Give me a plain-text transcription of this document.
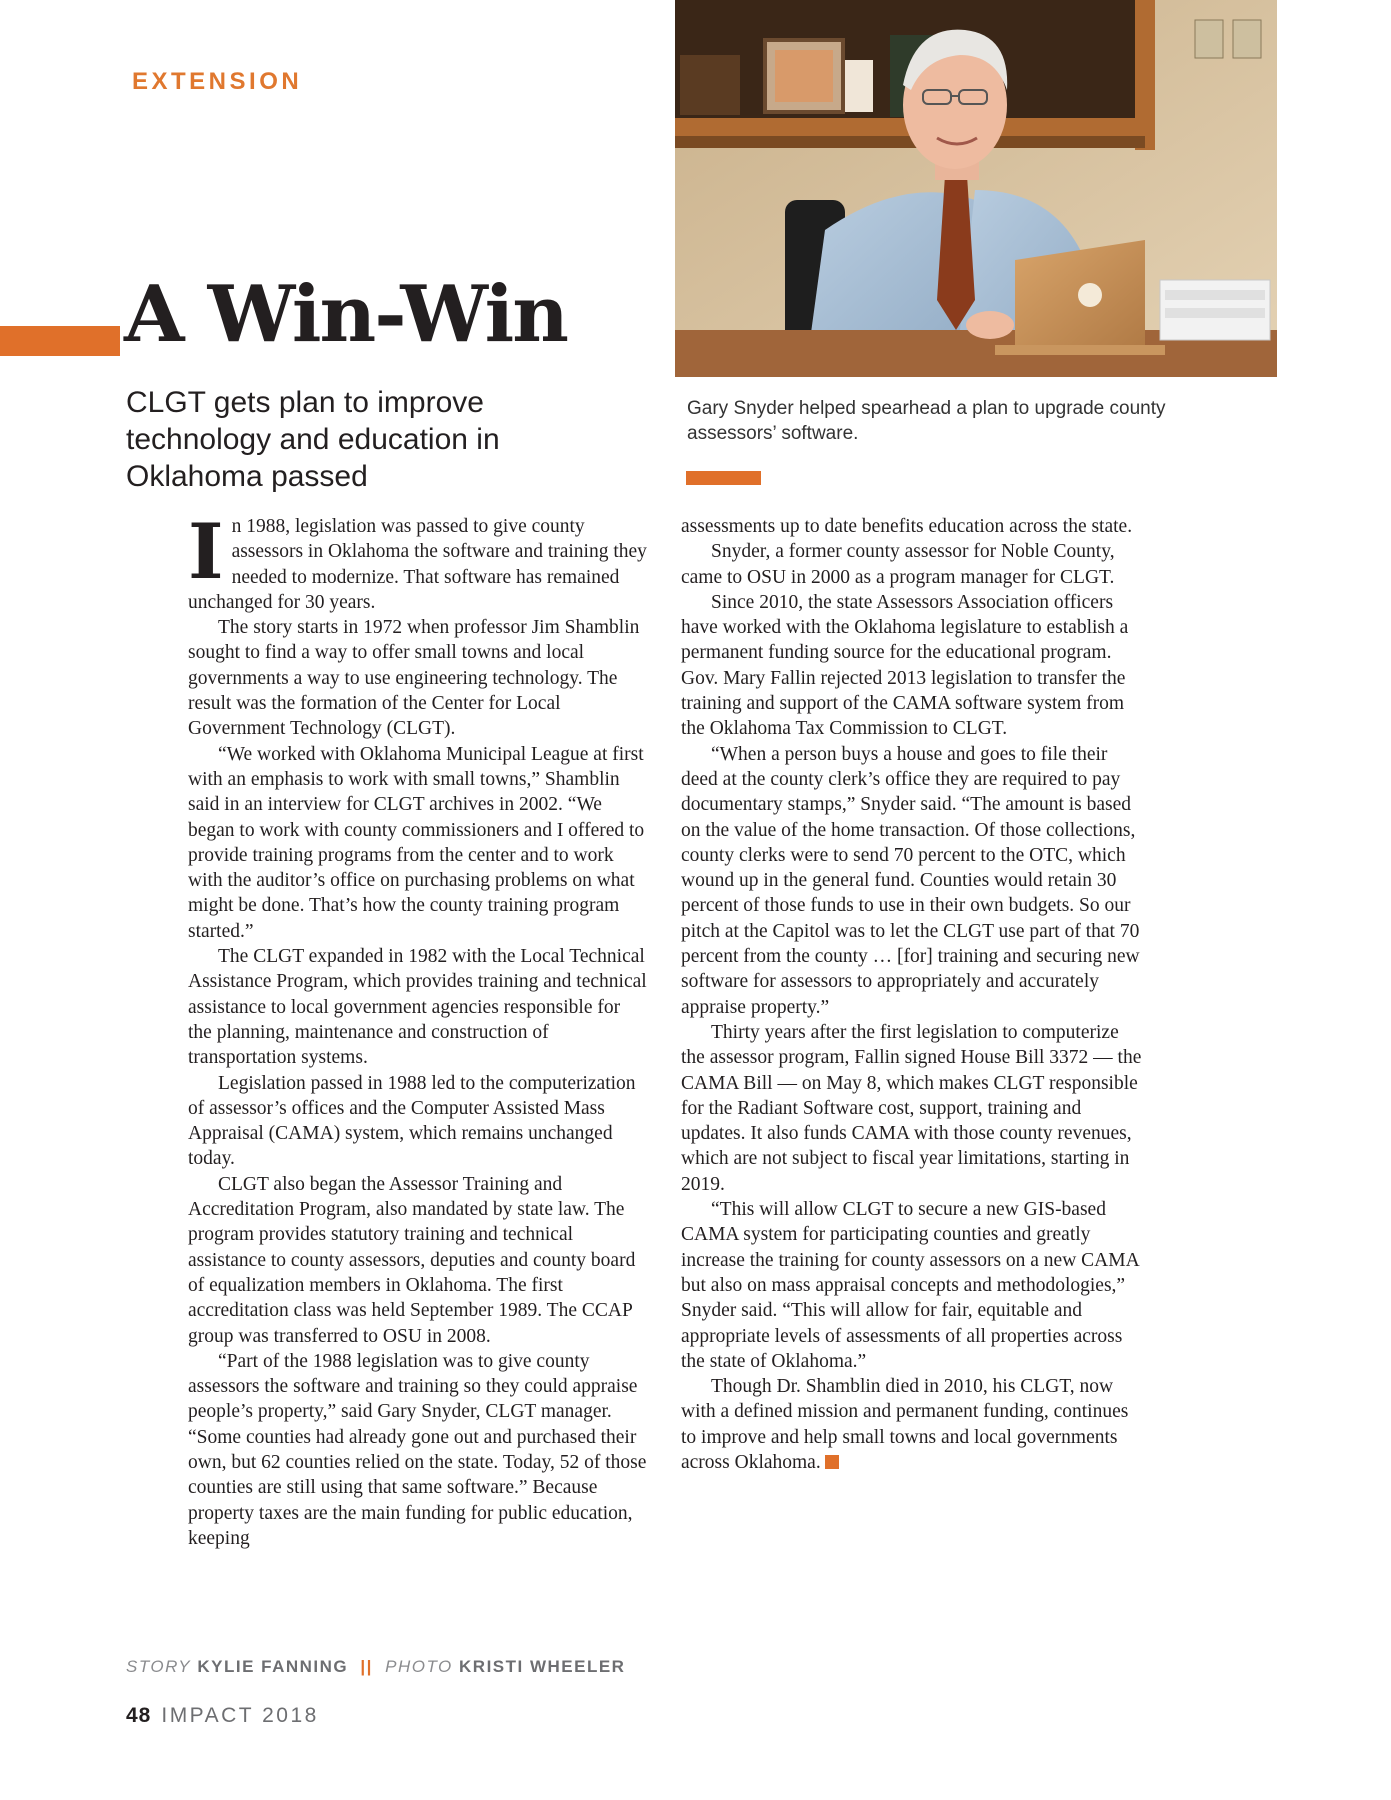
EXTENSION
A Win-Win
CLGT gets plan to improve technology and education in Oklahoma passed
Gary Snyder helped spearhead a plan to upgrade county assessors’ software.

In 1988, legislation was passed to give county assessors in Oklahoma the software and training they needed to modernize. That software has remained unchanged for 30 years.

The story starts in 1972 when professor Jim Shamblin sought to find a way to offer small towns and local governments a way to use engineering technology. The result was the formation of the Center for Local Government Technology (CLGT).

“We worked with Oklahoma Municipal League at first with an emphasis to work with small towns,” Shamblin said in an interview for CLGT archives in 2002. “We began to work with county commissioners and I offered to provide training programs from the center and to work with the auditor’s office on purchasing problems on what might be done. That’s how the county training program started.”

The CLGT expanded in 1982 with the Local Technical Assistance Program, which provides training and technical assistance to local government agencies responsible for the planning, maintenance and construction of transportation systems.

Legislation passed in 1988 led to the computerization of assessor’s offices and the Computer Assisted Mass Appraisal (CAMA) system, which remains unchanged today.

CLGT also began the Assessor Training and Accreditation Program, also mandated by state law. The program provides statutory training and technical assistance to county assessors, deputies and county board of equalization members in Oklahoma. The first accreditation class was held September 1989. The CCAP group was transferred to OSU in 2008.

“Part of the 1988 legislation was to give county assessors the software and training so they could appraise people’s property,” said Gary Snyder, CLGT manager. “Some counties had already gone out and purchased their own, but 62 counties relied on the state. Today, 52 of those counties are still using that same software.” Because property taxes are the main funding for public education, keeping

assessments up to date benefits education across the state.

Snyder, a former county assessor for Noble County, came to OSU in 2000 as a program manager for CLGT.

Since 2010, the state Assessors Association officers have worked with the Oklahoma legislature to establish a permanent funding source for the educational program. Gov. Mary Fallin rejected 2013 legislation to transfer the training and support of the CAMA software system from the Oklahoma Tax Commission to CLGT.

“When a person buys a house and goes to file their deed at the county clerk’s office they are required to pay documentary stamps,” Snyder said. “The amount is based on the value of the home transaction. Of those collections, county clerks were to send 70 percent to the OTC, which wound up in the general fund. Counties would retain 30 percent of those funds to use in their own budgets. So our pitch at the Capitol was to let the CLGT use part of that 70 percent from the county … [for] training and securing new software for assessors to appropriately and accurately appraise property.”

Thirty years after the first legislation to computerize the assessor program, Fallin signed House Bill 3372 — the CAMA Bill — on May 8, which makes CLGT responsible for the Radiant Software cost, support, training and updates. It also funds CAMA with those county revenues, which are not subject to fiscal year limitations, starting in 2019.

“This will allow CLGT to secure a new GIS-based CAMA system for participating counties and greatly increase the training for county assessors on a new CAMA but also on mass appraisal concepts and methodologies,” Snyder said. “This will allow for fair, equitable and appropriate levels of assessments of all properties across the state of Oklahoma.”

Though Dr. Shamblin died in 2010, his CLGT, now with a defined mission and permanent funding, continues to improve and help small towns and local governments across Oklahoma.

STORY KYLIE FANNING || PHOTO KRISTI WHEELER
48 IMPACT 2018
